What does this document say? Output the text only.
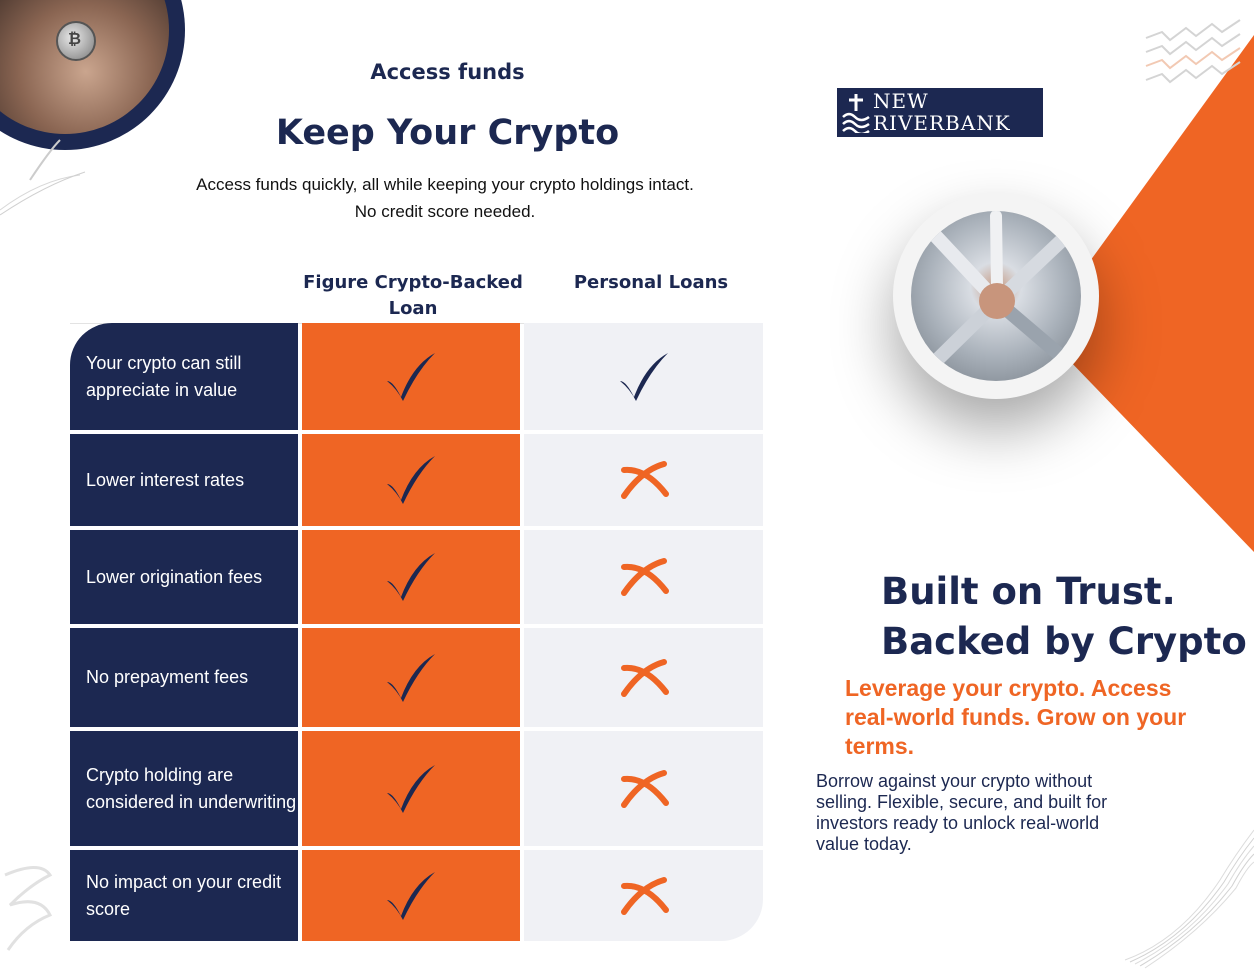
₿
Access funds
Keep Your Crypto
Access funds quickly, all while keeping your crypto holdings intact.
No credit score needed.
Figure Crypto-Backed Loan
Personal Loans
Your crypto can still appreciate in value
Lower interest rates
Lower origination fees
No prepayment fees
Crypto holding are considered in underwriting
No impact on your credit score
NEW
RIVERBANK
Built on Trust.
Backed by Crypto
Leverage your crypto. Access real-world funds. Grow on your terms.
Borrow against your crypto without selling. Flexible, secure, and built for investors ready to unlock real-world value today.
